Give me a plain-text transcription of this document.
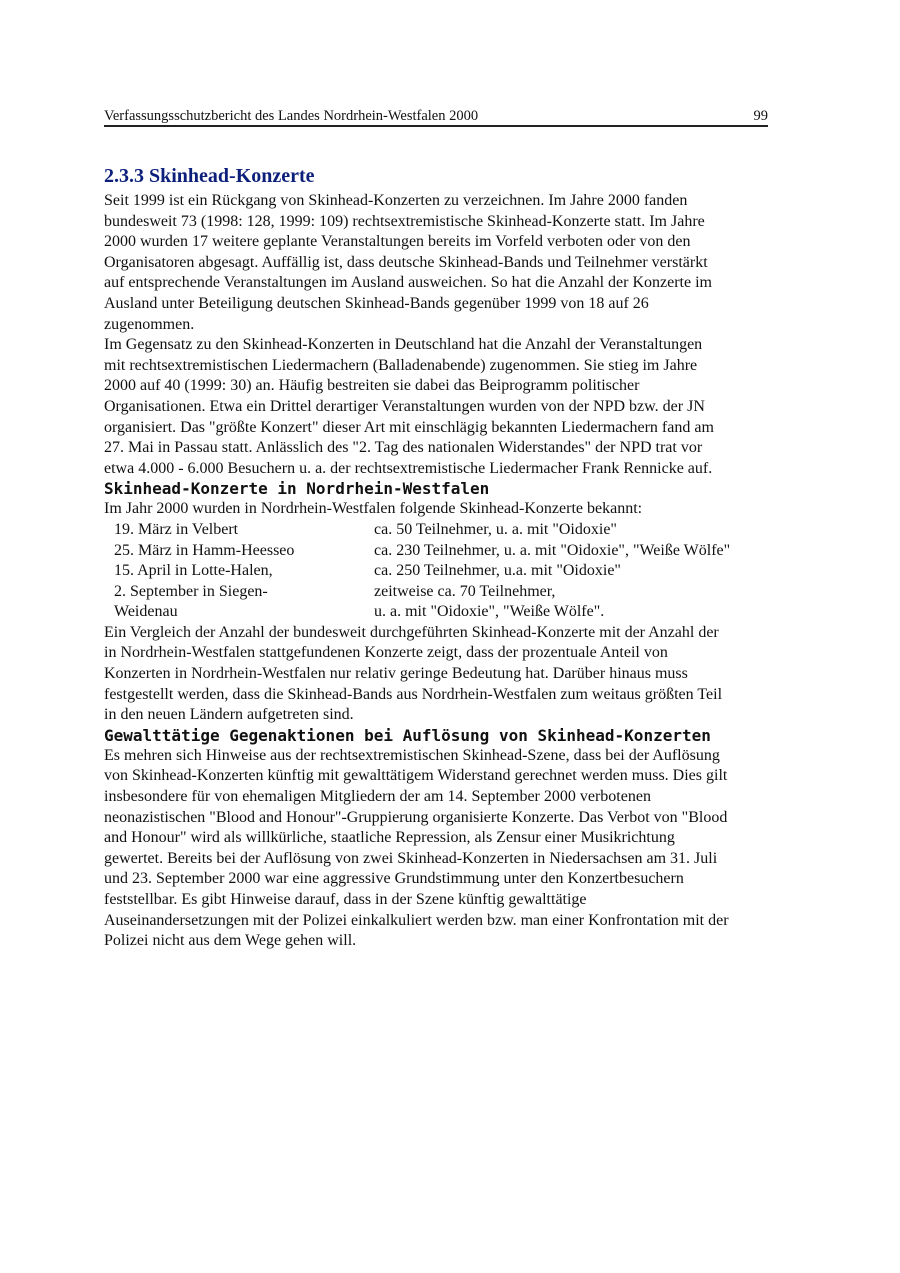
Verfassungsschutzbericht des Landes Nordrhein-Westfalen 2000	99
2.3.3 Skinhead-Konzerte

Seit 1999 ist ein Rückgang von Skinhead-Konzerten zu verzeichnen. Im Jahre 2000 fanden
bundesweit 73 (1998: 128, 1999: 109) rechtsextremistische Skinhead-Konzerte statt. Im Jahre
2000 wurden 17 weitere geplante Veranstaltungen bereits im Vorfeld verboten oder von den
Organisatoren abgesagt. Auffällig ist, dass deutsche Skinhead-Bands und Teilnehmer verstärkt
auf entsprechende Veranstaltungen im Ausland ausweichen. So hat die Anzahl der Konzerte im
Ausland unter Beteiligung deutschen Skinhead-Bands gegenüber 1999 von 18 auf 26
zugenommen.

Im Gegensatz zu den Skinhead-Konzerten in Deutschland hat die Anzahl der Veranstaltungen
mit rechtsextremistischen Liedermachern (Balladenabende) zugenommen. Sie stieg im Jahre
2000 auf 40 (1999: 30) an. Häufig bestreiten sie dabei das Beiprogramm politischer
Organisationen. Etwa ein Drittel derartiger Veranstaltungen wurden von der NPD bzw. der JN
organisiert. Das "größte Konzert" dieser Art mit einschlägig bekannten Liedermachern fand am
27. Mai in Passau statt. Anlässlich des "2. Tag des nationalen Widerstandes" der NPD trat vor
etwa 4.000 - 6.000 Besuchern u. a. der rechtsextremistische Liedermacher Frank Rennicke auf.

Skinhead-Konzerte in Nordrhein-Westfalen

Im Jahr 2000 wurden in Nordrhein-Westfalen folgende Skinhead-Konzerte bekannt:

19. März in Velbert	ca. 50 Teilnehmer, u. a. mit "Oidoxie"
25. März in Hamm-Heesseo	ca. 230 Teilnehmer, u. a. mit "Oidoxie", "Weiße Wölfe"
15. April in Lotte-Halen,	ca. 250 Teilnehmer, u.a. mit "Oidoxie"
2. September in Siegen-
Weidenau	zeitweise ca. 70 Teilnehmer,
u. a. mit "Oidoxie", "Weiße Wölfe".

Ein Vergleich der Anzahl der bundesweit durchgeführten Skinhead-Konzerte mit der Anzahl der
in Nordrhein-Westfalen stattgefundenen Konzerte zeigt, dass der prozentuale Anteil von
Konzerten in Nordrhein-Westfalen nur relativ geringe Bedeutung hat. Darüber hinaus muss
festgestellt werden, dass die Skinhead-Bands aus Nordrhein-Westfalen zum weitaus größten Teil
in den neuen Ländern aufgetreten sind.

Gewalttätige Gegenaktionen bei Auflösung von Skinhead-Konzerten

Es mehren sich Hinweise aus der rechtsextremistischen Skinhead-Szene, dass bei der Auflösung
von Skinhead-Konzerten künftig mit gewalttätigem Widerstand gerechnet werden muss. Dies gilt
insbesondere für von ehemaligen Mitgliedern der am 14. September 2000 verbotenen
neonazistischen "Blood and Honour"-Gruppierung organisierte Konzerte. Das Verbot von "Blood
and Honour" wird als willkürliche, staatliche Repression, als Zensur einer Musikrichtung
gewertet. Bereits bei der Auflösung von zwei Skinhead-Konzerten in Niedersachsen am 31. Juli
und 23. September 2000 war eine aggressive Grundstimmung unter den Konzertbesuchern
feststellbar. Es gibt Hinweise darauf, dass in der Szene künftig gewalttätige
Auseinandersetzungen mit der Polizei einkalkuliert werden bzw. man einer Konfrontation mit der
Polizei nicht aus dem Wege gehen will.
